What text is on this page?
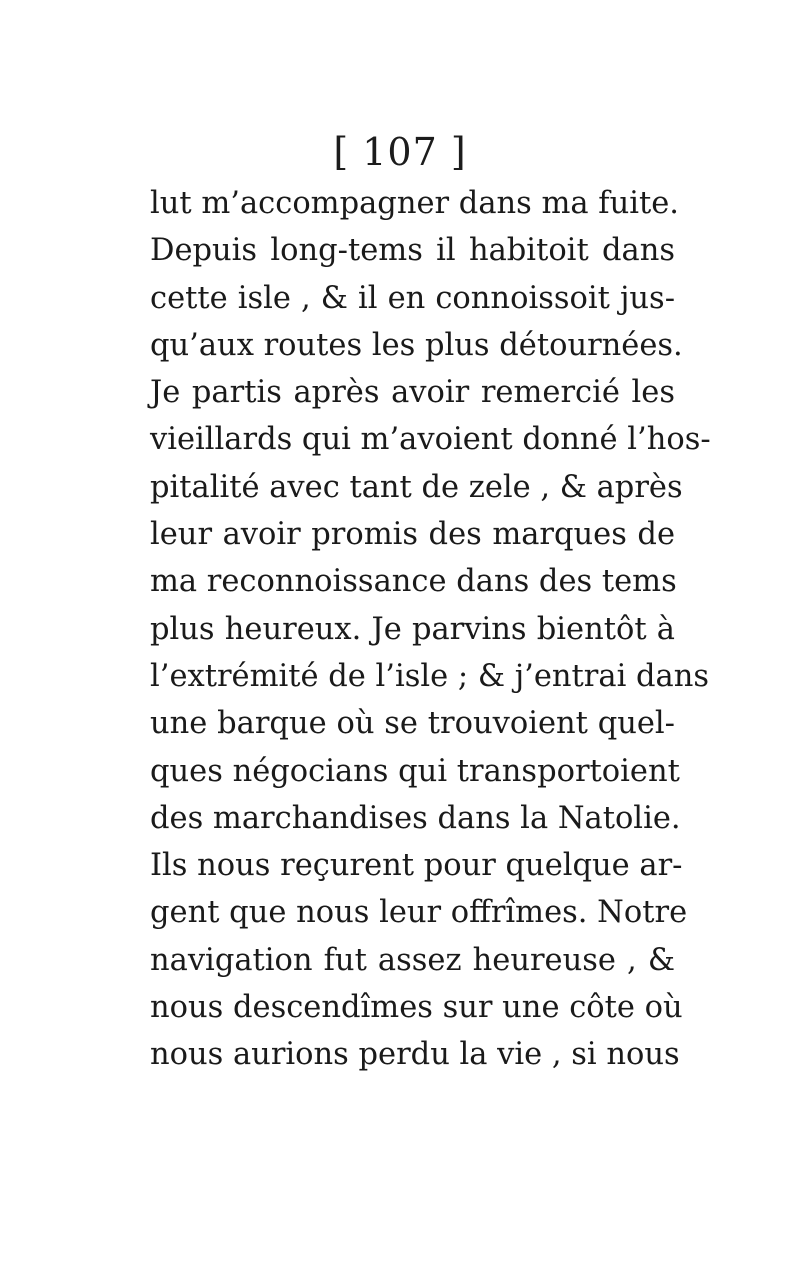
[ 107 ]
lut m’accompagner dans ma fuite.
Depuis long-tems il habitoit dans
cette isle , & il en connoissoit jus-
qu’aux routes les plus détournées.
Je partis après avoir remercié les
vieillards qui m’avoient donné l’hos-
pitalité avec tant de zele , & après
leur avoir promis des marques de
ma reconnoissance dans des tems
plus heureux. Je parvins bientôt à
l’extrémité de l’isle ; & j’entrai dans
une barque où se trouvoient quel-
ques négocians qui transportoient
des marchandises dans la Natolie.
Ils nous reçurent pour quelque ar-
gent que nous leur offrîmes. Notre
navigation fut assez heureuse , &
nous descendîmes sur une côte où
nous aurions perdu la vie , si nous
